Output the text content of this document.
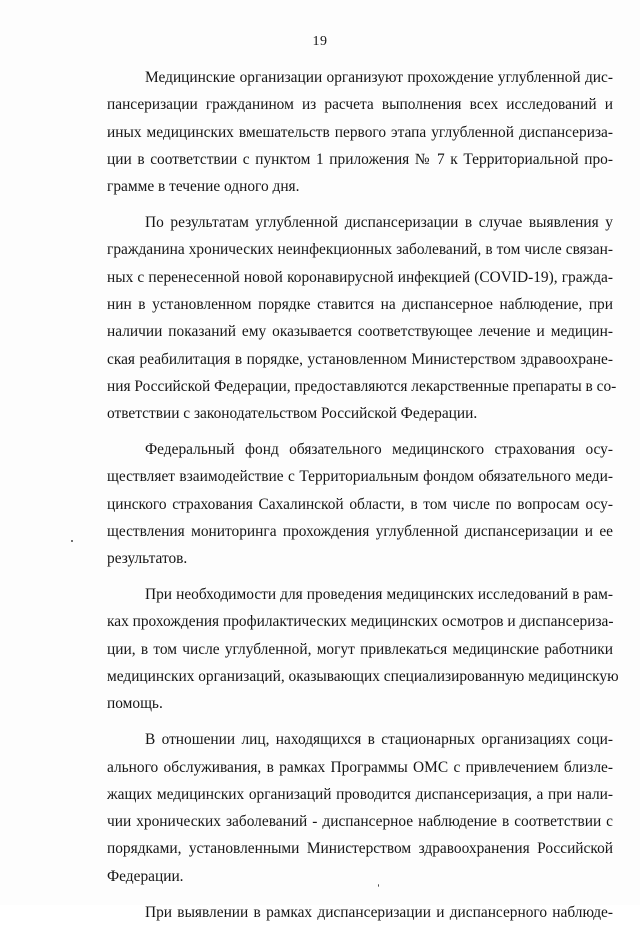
19
Медицинские организации организуют прохождение углубленной дис-
пансеризации гражданином из расчета выполнения всех исследований и
иных медицинских вмешательств первого этапа углубленной диспансериза-
ции в соответствии с пунктом 1 приложения № 7 к Территориальной про-
грамме в течение одного дня.
По результатам углубленной диспансеризации в случае выявления у
гражданина хронических неинфекционных заболеваний, в том числе связан-
ных с перенесенной новой коронавирусной инфекцией (COVID-19), гражда-
нин в установленном порядке ставится на диспансерное наблюдение, при
наличии показаний ему оказывается соответствующее лечение и медицин-
ская реабилитация в порядке, установленном Министерством здравоохране-
ния Российской Федерации, предоставляются лекарственные препараты в со-
ответствии с законодательством Российской Федерации.
Федеральный фонд обязательного медицинского страхования осу-
ществляет взаимодействие с Территориальным фондом обязательного меди-
цинского страхования Сахалинской области, в том числе по вопросам осу-
ществления мониторинга прохождения углубленной диспансеризации и ее
результатов.
При необходимости для проведения медицинских исследований в рам-
ках прохождения профилактических медицинских осмотров и диспансериза-
ции, в том числе углубленной, могут привлекаться медицинские работники
медицинских организаций, оказывающих специализированную медицинскую
помощь.
В отношении лиц, находящихся в стационарных организациях соци-
ального обслуживания, в рамках Программы ОМС с привлечением близле-
жащих медицинских организаций проводится диспансеризация, а при нали-
чии хронических заболеваний - диспансерное наблюдение в соответствии с
порядками, установленными Министерством здравоохранения Российской
Федерации.
При выявлении в рамках диспансеризации и диспансерного наблюде-
